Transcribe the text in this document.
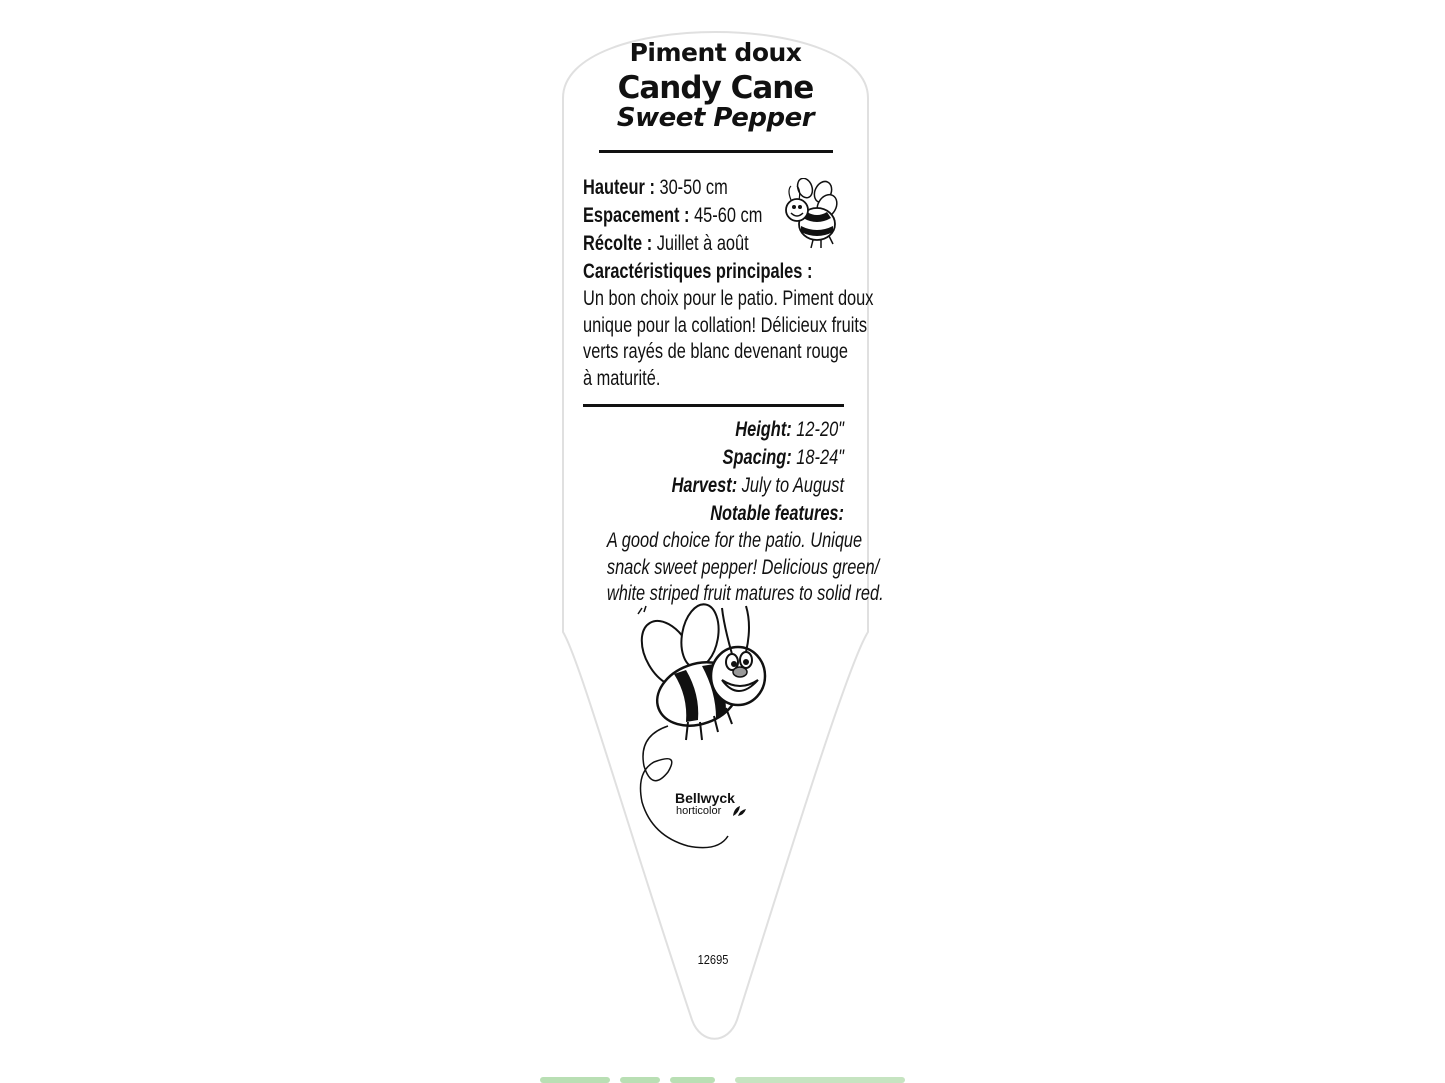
Piment doux
Candy Cane
Sweet Pepper
Hauteur : 30-50 cm
Espacement : 45-60 cm
Récolte : Juillet à août
Caractéristiques principales :
Un bon choix pour le patio. Piment doux
unique pour la collation! Délicieux fruits
verts rayés de blanc devenant rouge
à maturité.
Height: 12-20"
Spacing: 18-24"
Harvest: July to August
Notable features:
A good choice for the patio. Unique
snack sweet pepper! Delicious green/
white striped fruit matures to solid red.
Bellwyck
horticolor
12695
